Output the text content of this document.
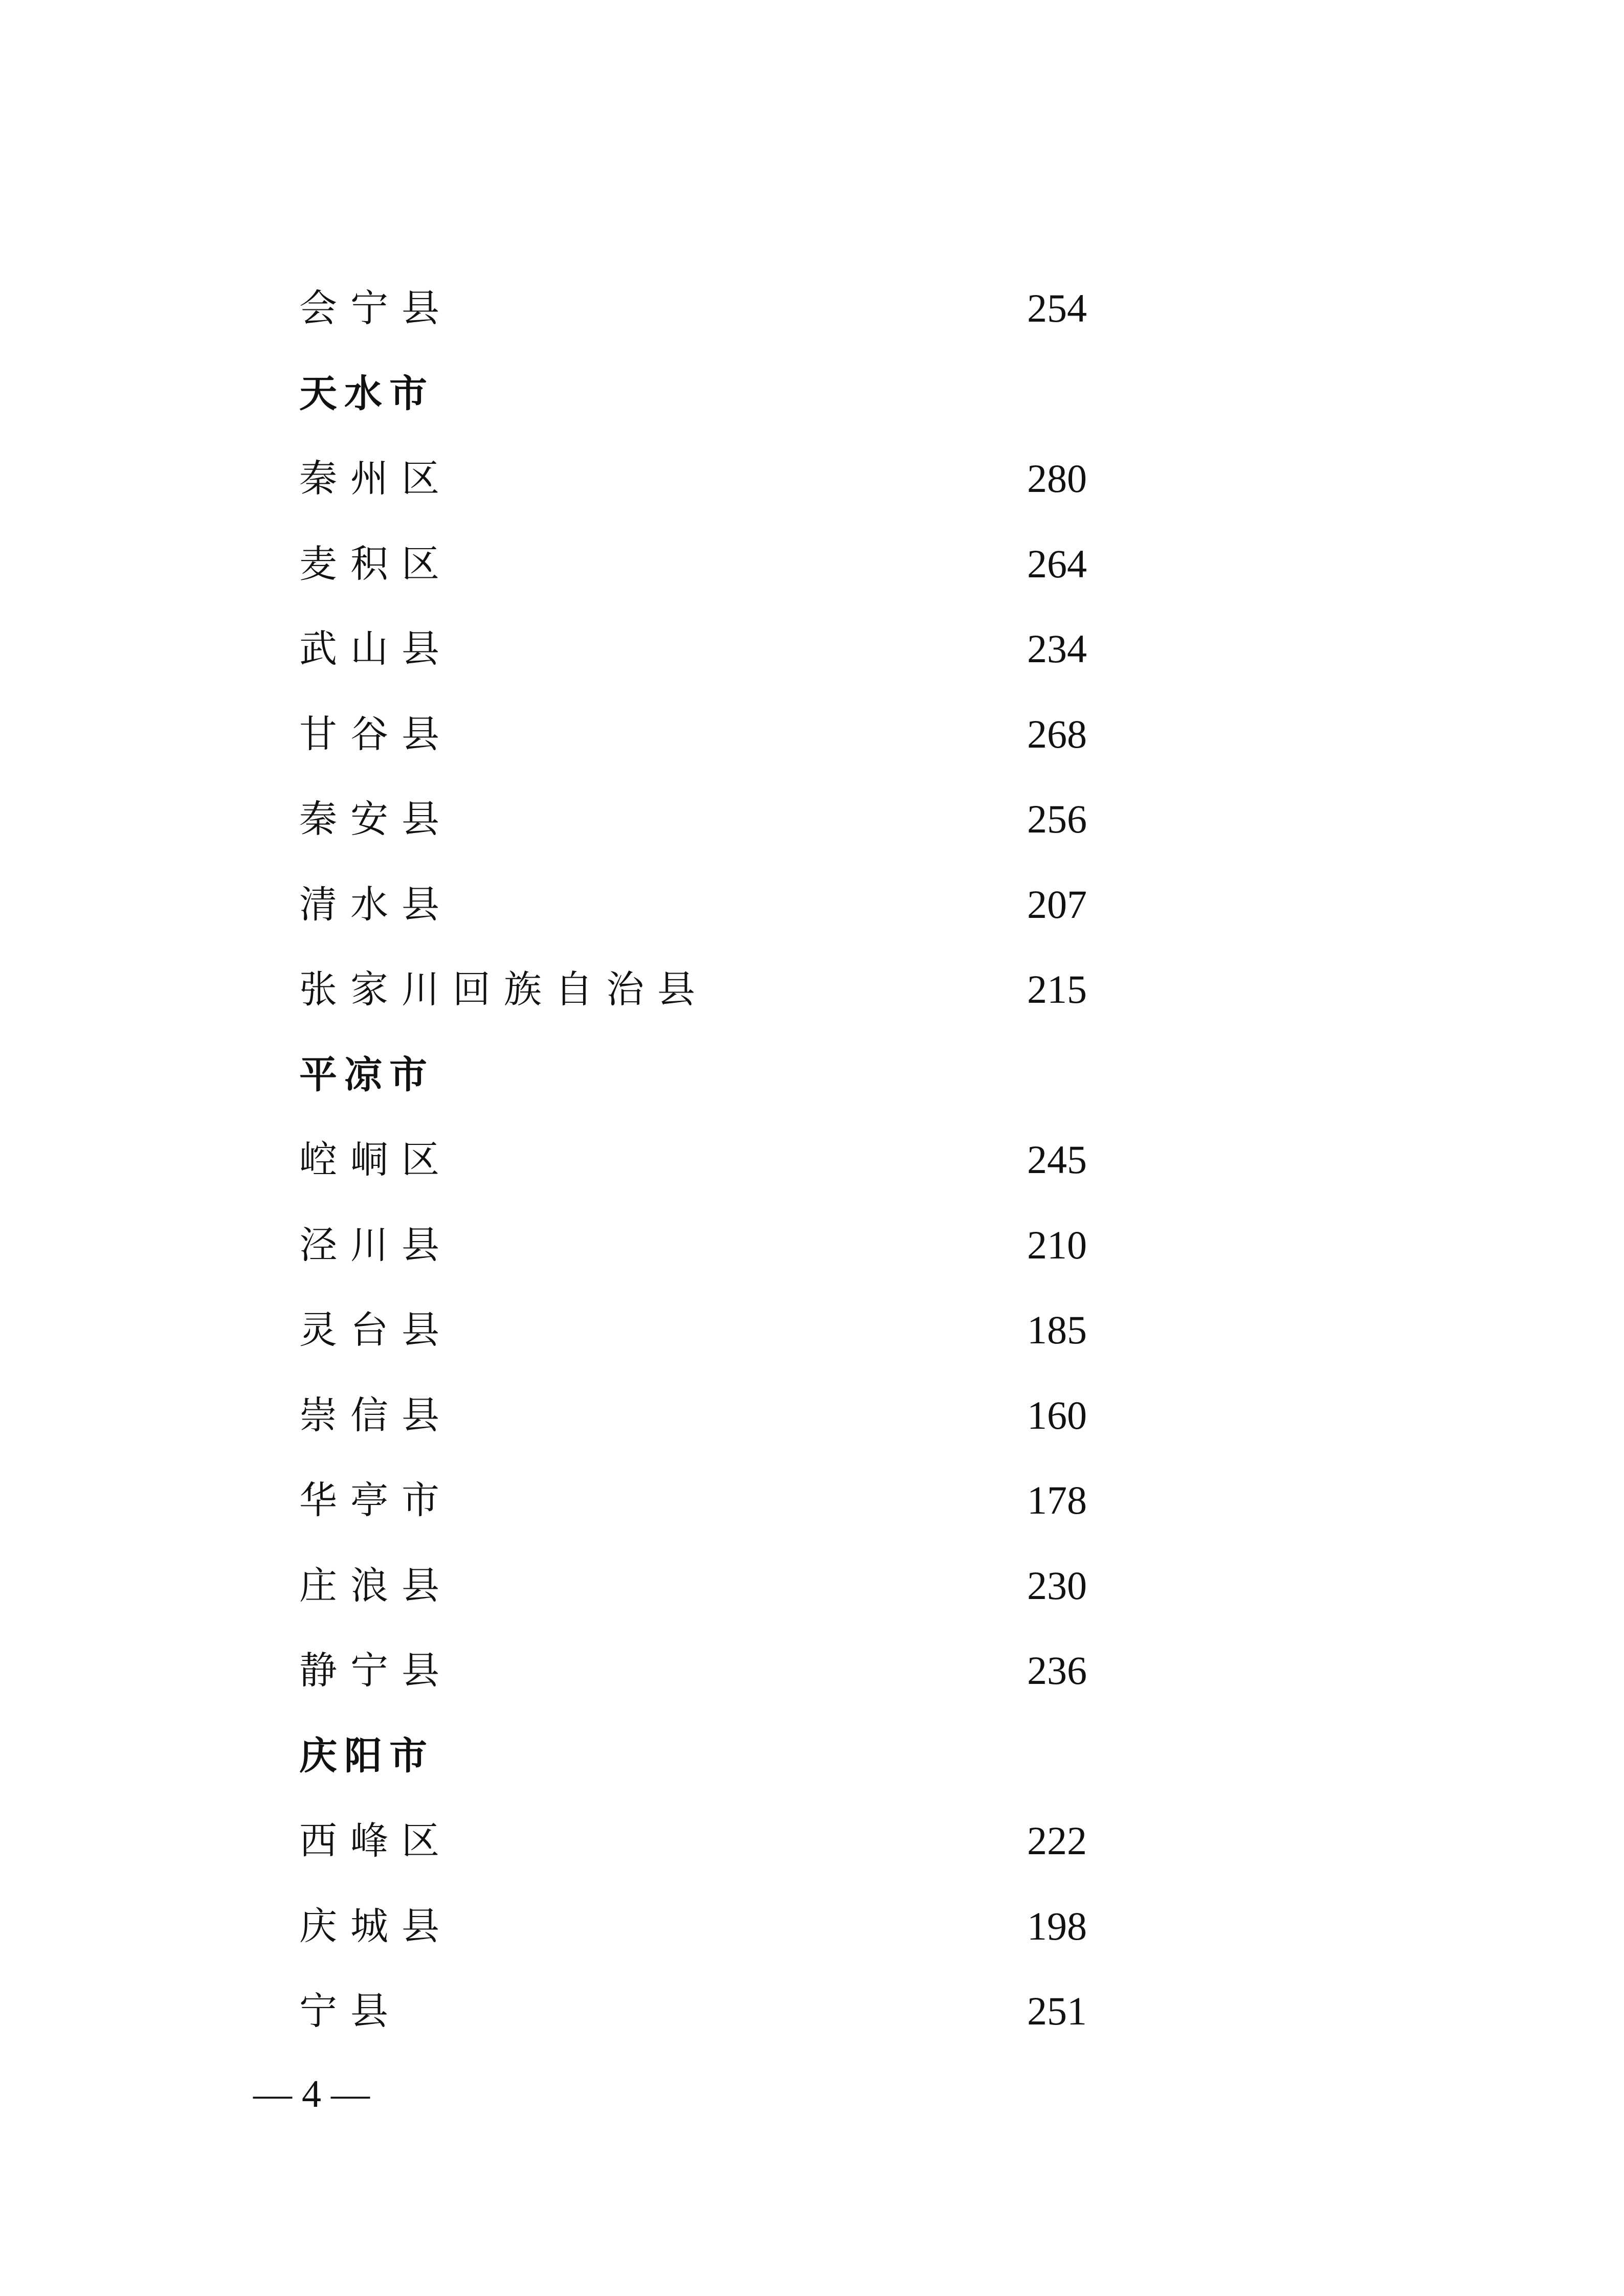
会宁县	254
天水市
秦州区	280
麦积区	264
武山县	234
甘谷县	268
秦安县	256
清水县	207
张家川回族自治县	215
平凉市
崆峒区	245
泾川县	210
灵台县	185
崇信县	160
华亭市	178
庄浪县	230
静宁县	236
庆阳市
西峰区	222
庆城县	198
宁县	251
— 4 —
